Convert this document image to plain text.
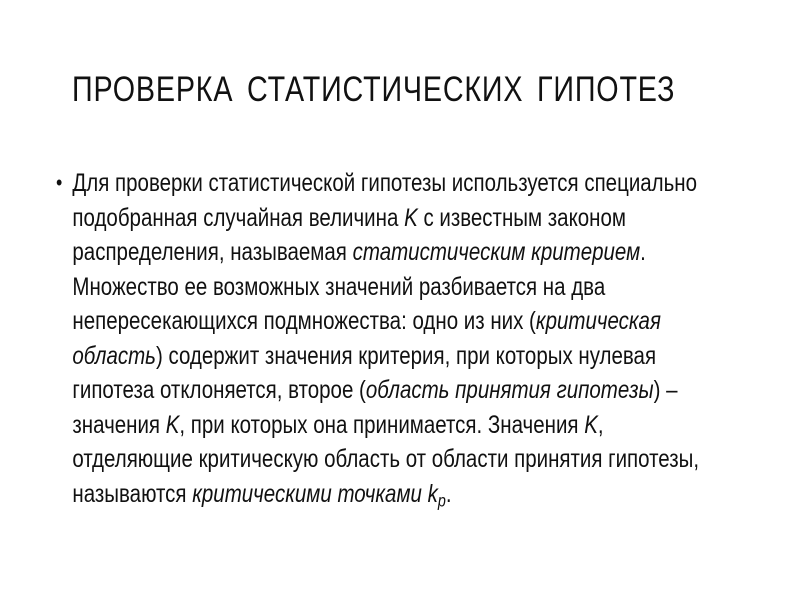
ПРОВЕРКА СТАТИСТИЧЕСКИХ ГИПОТЕЗ
• Для проверки статистической гипотезы используется специально
подобранная случайная величина K с известным законом
распределения, называемая статистическим критерием.
Множество ее возможных значений разбивается на два
непересекающихся подмножества: одно из них (критическая
область) содержит значения критерия, при которых нулевая
гипотеза отклоняется, второе (область принятия гипотезы) –
значения K, при которых она принимается. Значения K,
отделяющие критическую область от области принятия гипотезы,
называются критическими точками $k_p$.
